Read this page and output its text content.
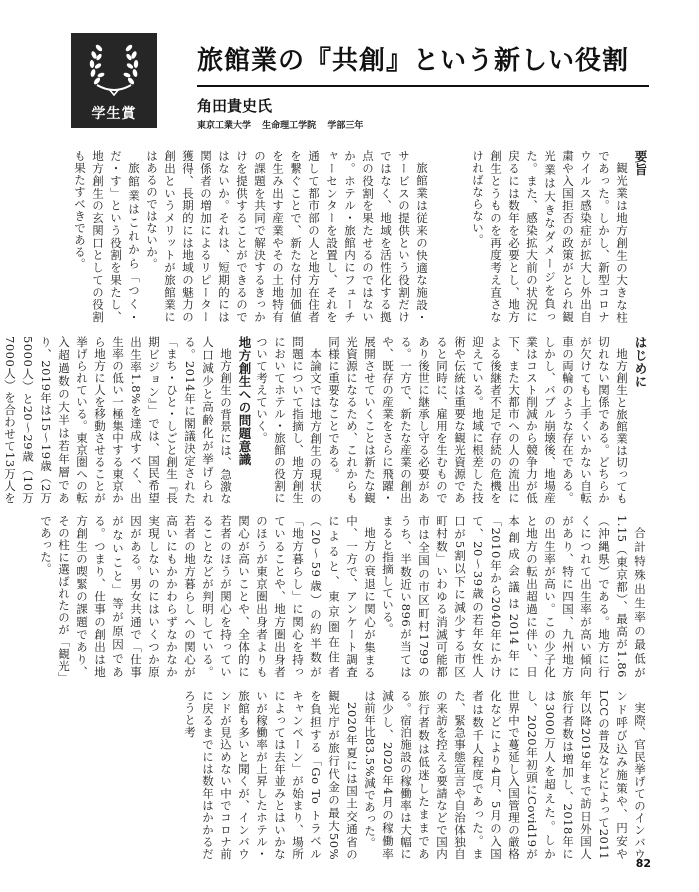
学生賞
旅館業の『共創』という新しい役割
角田貴史氏
東京工業大学 生命理工学院 学部三年
要旨
観光業は地方創生の大きな柱であった。しかし、新型コロナウイルス感染症が拡大し外出自粛や入国拒否の政策がとられ観光業は大きなダメージを負った。また、感染拡大前の状況に戻るには数年を必要とし、地方創生とうものを再度考え直さなければならない。
旅館業は従来の快適な施設・サービスの提供という役割だけではなく、地域を活性化する拠点の役割を果たせるのではないか。ホテル・旅館内にフューチャーセンターを設置し、それを通して都市部の人と地方在住者を繋ぐことで、新たな付加価値を生み出す産業やその土地特有の課題を共同で解決するきっかけを提供することができるのではないか。それは、短期的には関係者の増加によるリピーター獲得、長期的には地域の魅力の創出というメリットが旅館業にはあるのではないか。
旅館業はこれから「つく・だ・す」という役割を果たし、地方創生の玄関口としての役割も果たすべきである。
はじめに
地方創生と旅館業は切っても切れない関係である。どちらかが欠けても上手くいかない自転車の両輪のような存在である。しかし、バブル崩壊後、地場産業はコスト削減から競争力が低下、また大都市への人の流出による後継者不足で存続の危機を迎えている。地域に根差した技術や伝統は重要な観光資源であると同時に、雇用を生むものであり後世に継承し守る必要がある。一方で、新たな産業の創出や、既存の産業をさらに飛躍・展開させていくことは新たな観光資源になるため、これからも同様に重要なことである。
本論文では地方創生の現状の問題について指摘し、地方創生においてホテル・旅館の役割について考えていく。
地方創生への問題意識
地方創生の背景には、急激な人口減少と高齢化が挙げられる。2014年に閣議決定された「まち・ひと・しごと創生『長期ビジョン』」では、国民希望出生率1.8%を達成すべく、出生率の低い一極集中する東京から地方に人を移動させることが挙げられている。東京圏への転入超過数の大半は若年層であり、2019年は15〜19歳（2万5000人）と20〜29歳（10万7000人）を合わせて13万人を
合計特殊出生率の最低が1.15（東京都）、最高が1.86（沖縄県）である。地方に行くにつれて出生率が高い傾向があり、特に四国、九州地方の出生率が高い。この少子化と地方の転出超過に伴い、日本創成会議は2014年に「2010年から2040年にかけて、20〜39歳の若年女性人口が5割以下に減少する市区町村数」いわゆる消滅可能都市は全国の市区町村1799のうち、半数近い896が当てはまると指摘している。
地方の衰退に関心が集まる中、一方で、アンケート調査によると、東京圏在住者（20〜59歳）の約半数が「地方暮らし」に関心を持っていることや、地方圏出身者のほうが東京圏出身者よりも関心が高いことや、全体的に若者のほうが関心を持っていることなどが判明している。若者の地方暮らしへの関心が高いにもかかわらずなかなか実現しないのにはいくつか原因がある。男女共通で「仕事がないこと」等が原因である。つまり、仕事の創出は地方創生の喫緊の課題であり、その柱に選ばれたのが「観光」であった。
実際、官民挙げてのインバウンド呼び込み施策や、円安やLCCの普及などによって2011年以降2019年まで訪日外国人旅行者数は増加し、2018年には3000万人を超えた。しかし、2020年初頭にCovid19が世界中で蔓延し入国管理の厳格化などにより4月、5月の入国者は数千人程度であった。また、緊急事態宣言や自治体独自の来訪を控える要請などで国内旅行者数は低迷したままである。宿泊施設の稼働率は大幅に減少し、2020年4月の稼働率は前年比83.5%減であった。
2020年夏には国土交通省の観光庁が旅行代金の最大50%を負担する「Go To トラベルキャンペーン」が始まり、場所によっては去年並みとはいかないが稼働率が上昇したホテル・旅館も多いと聞くが、インバウンドが見込めない中でコロナ前に戻るまでには数年はかかるだろうと考
82
